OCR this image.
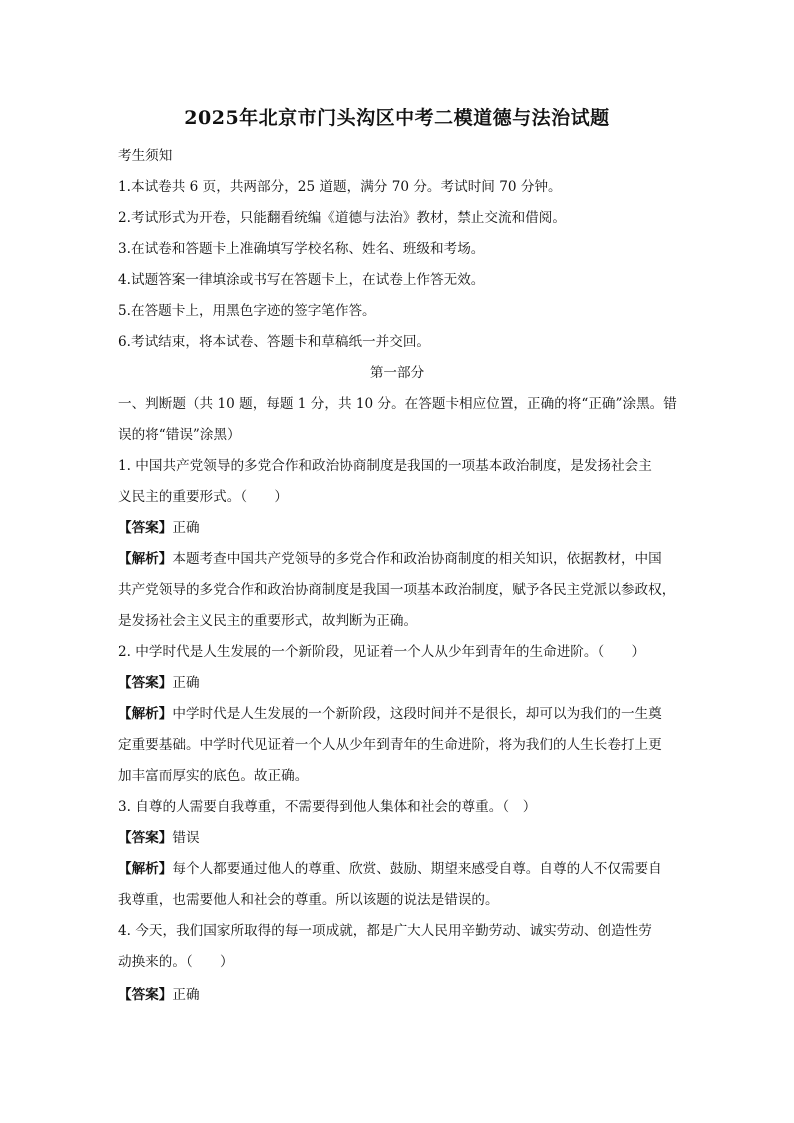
2025年北京市门头沟区中考二模道德与法治试题
考生须知
1.本试卷共 6 页，共两部分，25 道题，满分 70 分。考试时间 70 分钟。
2.考试形式为开卷，只能翻看统编《道德与法治》教材，禁止交流和借阅。
3.在试卷和答题卡上准确填写学校名称、姓名、班级和考场。
4.试题答案一律填涂或书写在答题卡上，在试卷上作答无效。
5.在答题卡上，用黑色字迹的签字笔作答。
6.考试结束，将本试卷、答题卡和草稿纸一并交回。
第一部分
一、判断题（共 10 题，每题 1 分，共 10 分。在答题卡相应位置，正确的将“正确”涂黑。错
误的将“错误”涂黑）
1. 中国共产党领导的多党合作和政治协商制度是我国的一项基本政治制度，是发扬社会主
义民主的重要形式。（　　）
【答案】正确
【解析】本题考查中国共产党领导的多党合作和政治协商制度的相关知识，依据教材，中国
共产党领导的多党合作和政治协商制度是我国一项基本政治制度，赋予各民主党派以参政权，
是发扬社会主义民主的重要形式，故判断为正确。
2. 中学时代是人生发展的一个新阶段，见证着一个人从少年到青年的生命进阶。（　　）
【答案】正确
【解析】中学时代是人生发展的一个新阶段，这段时间并不是很长，却可以为我们的一生奠
定重要基础。中学时代见证着一个人从少年到青年的生命进阶，将为我们的人生长卷打上更
加丰富而厚实的底色。故正确。
3. 自尊的人需要自我尊重，不需要得到他人集体和社会的尊重。（　）
【答案】错误
【解析】每个人都要通过他人的尊重、欣赏、鼓励、期望来感受自尊。自尊的人不仅需要自
我尊重，也需要他人和社会的尊重。所以该题的说法是错误的。
4. 今天，我们国家所取得的每一项成就，都是广大人民用辛勤劳动、诚实劳动、创造性劳
动换来的。（　　）
【答案】正确
